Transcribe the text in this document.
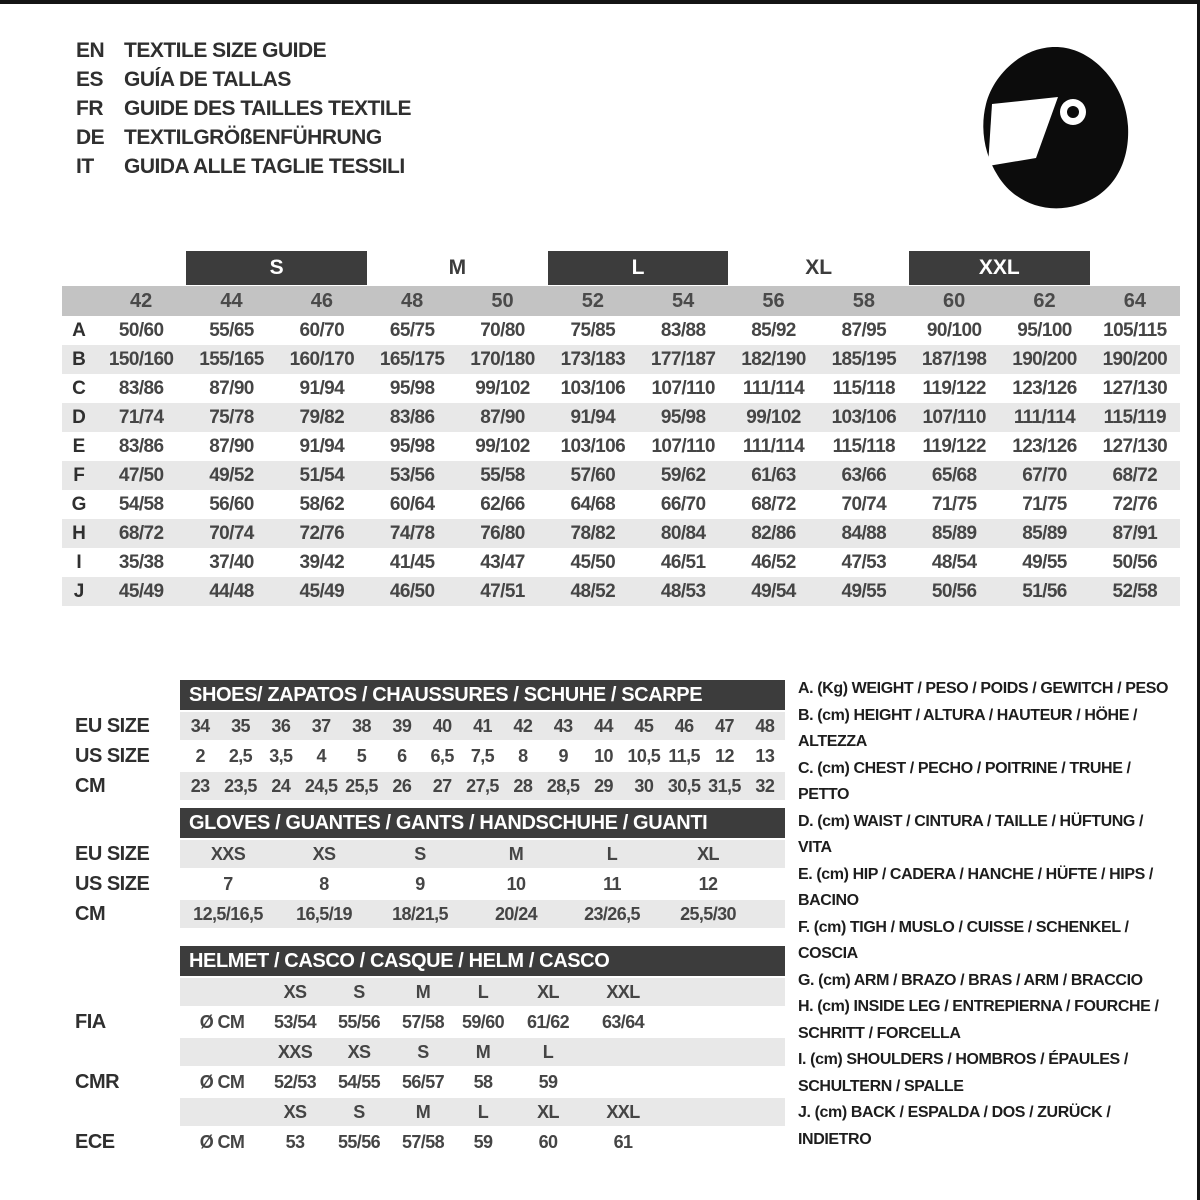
EN TEXTILE SIZE GUIDE
ES GUÍA DE TALLAS
FR	GUIDE DES TAILLES TEXTILE
DE TEXTILGRÖßENFÜHRUNG
IT	GUIDA ALLE TAGLIE TESSILI
S	M	L	XL	XXL
42	44	46	48	50	52	54	56	58	60	62	64
A	50/60	55/65	60/70	65/75	70/80	75/85	83/88	85/92	87/95	90/100	95/100	105/115
B	150/160	155/165	160/170	165/175	170/180	173/183	177/187	182/190	185/195	187/198	190/200	190/200
C	83/86	87/90	91/94	95/98	99/102	103/106	107/110	111/114	115/118	119/122	123/126	127/130
D	71/74	75/78	79/82	83/86	87/90	91/94	95/98	99/102	103/106	107/110	111/114	115/119
E	83/86	87/90	91/94	95/98	99/102	103/106	107/110	111/114	115/118	119/122	123/126	127/130
F	47/50	49/52	51/54	53/56	55/58	57/60	59/62	61/63	63/66	65/68	67/70	68/72
G	54/58	56/60	58/62	60/64	62/66	64/68	66/70	68/72	70/74	71/75	71/75	72/76
H	68/72	70/74	72/76	74/78	76/80	78/82	80/84	82/86	84/88	85/89	85/89	87/91
I	35/38	37/40	39/42	41/45	43/47	45/50	46/51	46/52	47/53	48/54	49/55	50/56
J	45/49	44/48	45/49	46/50	47/51	48/52	48/53	49/54	49/55	50/56	51/56	52/58
SHOES/ ZAPATOS / CHAUSSURES / SCHUHE / SCARPE
EU SIZE	34	35	36	37	38	39	40	41	42	43	44	45	46	47	48
US SIZE	2	2,5 3,5	4	5	6	6,5 7,5	8	9	10 10,5 11,5 12	13
CM	23 23,5 24 24,5 25,5 26	27 27,5 28 28,5 29	30 30,5 31,5 32
GLOVES / GUANTES / GANTS / HANDSCHUHE / GUANTI
EU SIZE	XXS	XS	S	M	L	XL
US SIZE	7	8	9	10	11	12
CM	12,5/16,5	16,5/19	18/21,5	20/24	23/26,5	25,5/30
HELMET / CASCO / CASQUE / HELM / CASCO
XS	S	M	L	XL	XXL
FIA	Ø CM	53/54	55/56	57/58 59/60	61/62	63/64
XXS	XS	S	M	L
CMR	Ø CM	52/53	54/55	56/57	58	59
XS	S	M	L	XL	XXL
ECE	Ø CM	53	55/56	57/58	59	60	61
A. (Kg) WEIGHT / PESO / POIDS / GEWITCH / PESO
B. (cm) HEIGHT / ALTURA / HAUTEUR / HÖHE / ALTEZZA
C. (cm) CHEST / PECHO / POITRINE / TRUHE / PETTO
D. (cm) WAIST / CINTURA / TAILLE / HÜFTUNG / VITA
E. (cm) HIP / CADERA / HANCHE / HÜFTE / HIPS / BACINO
F. (cm) TIGH / MUSLO / CUISSE / SCHENKEL / COSCIA
G. (cm) ARM / BRAZO / BRAS / ARM / BRACCIO
H. (cm) INSIDE LEG / ENTREPIERNA / FOURCHE / SCHRITT / FORCELLA
I. (cm) SHOULDERS / HOMBROS / ÉPAULES / SCHULTERN / SPALLE
J. (cm) BACK / ESPALDA / DOS / ZURÜCK / INDIETRO
